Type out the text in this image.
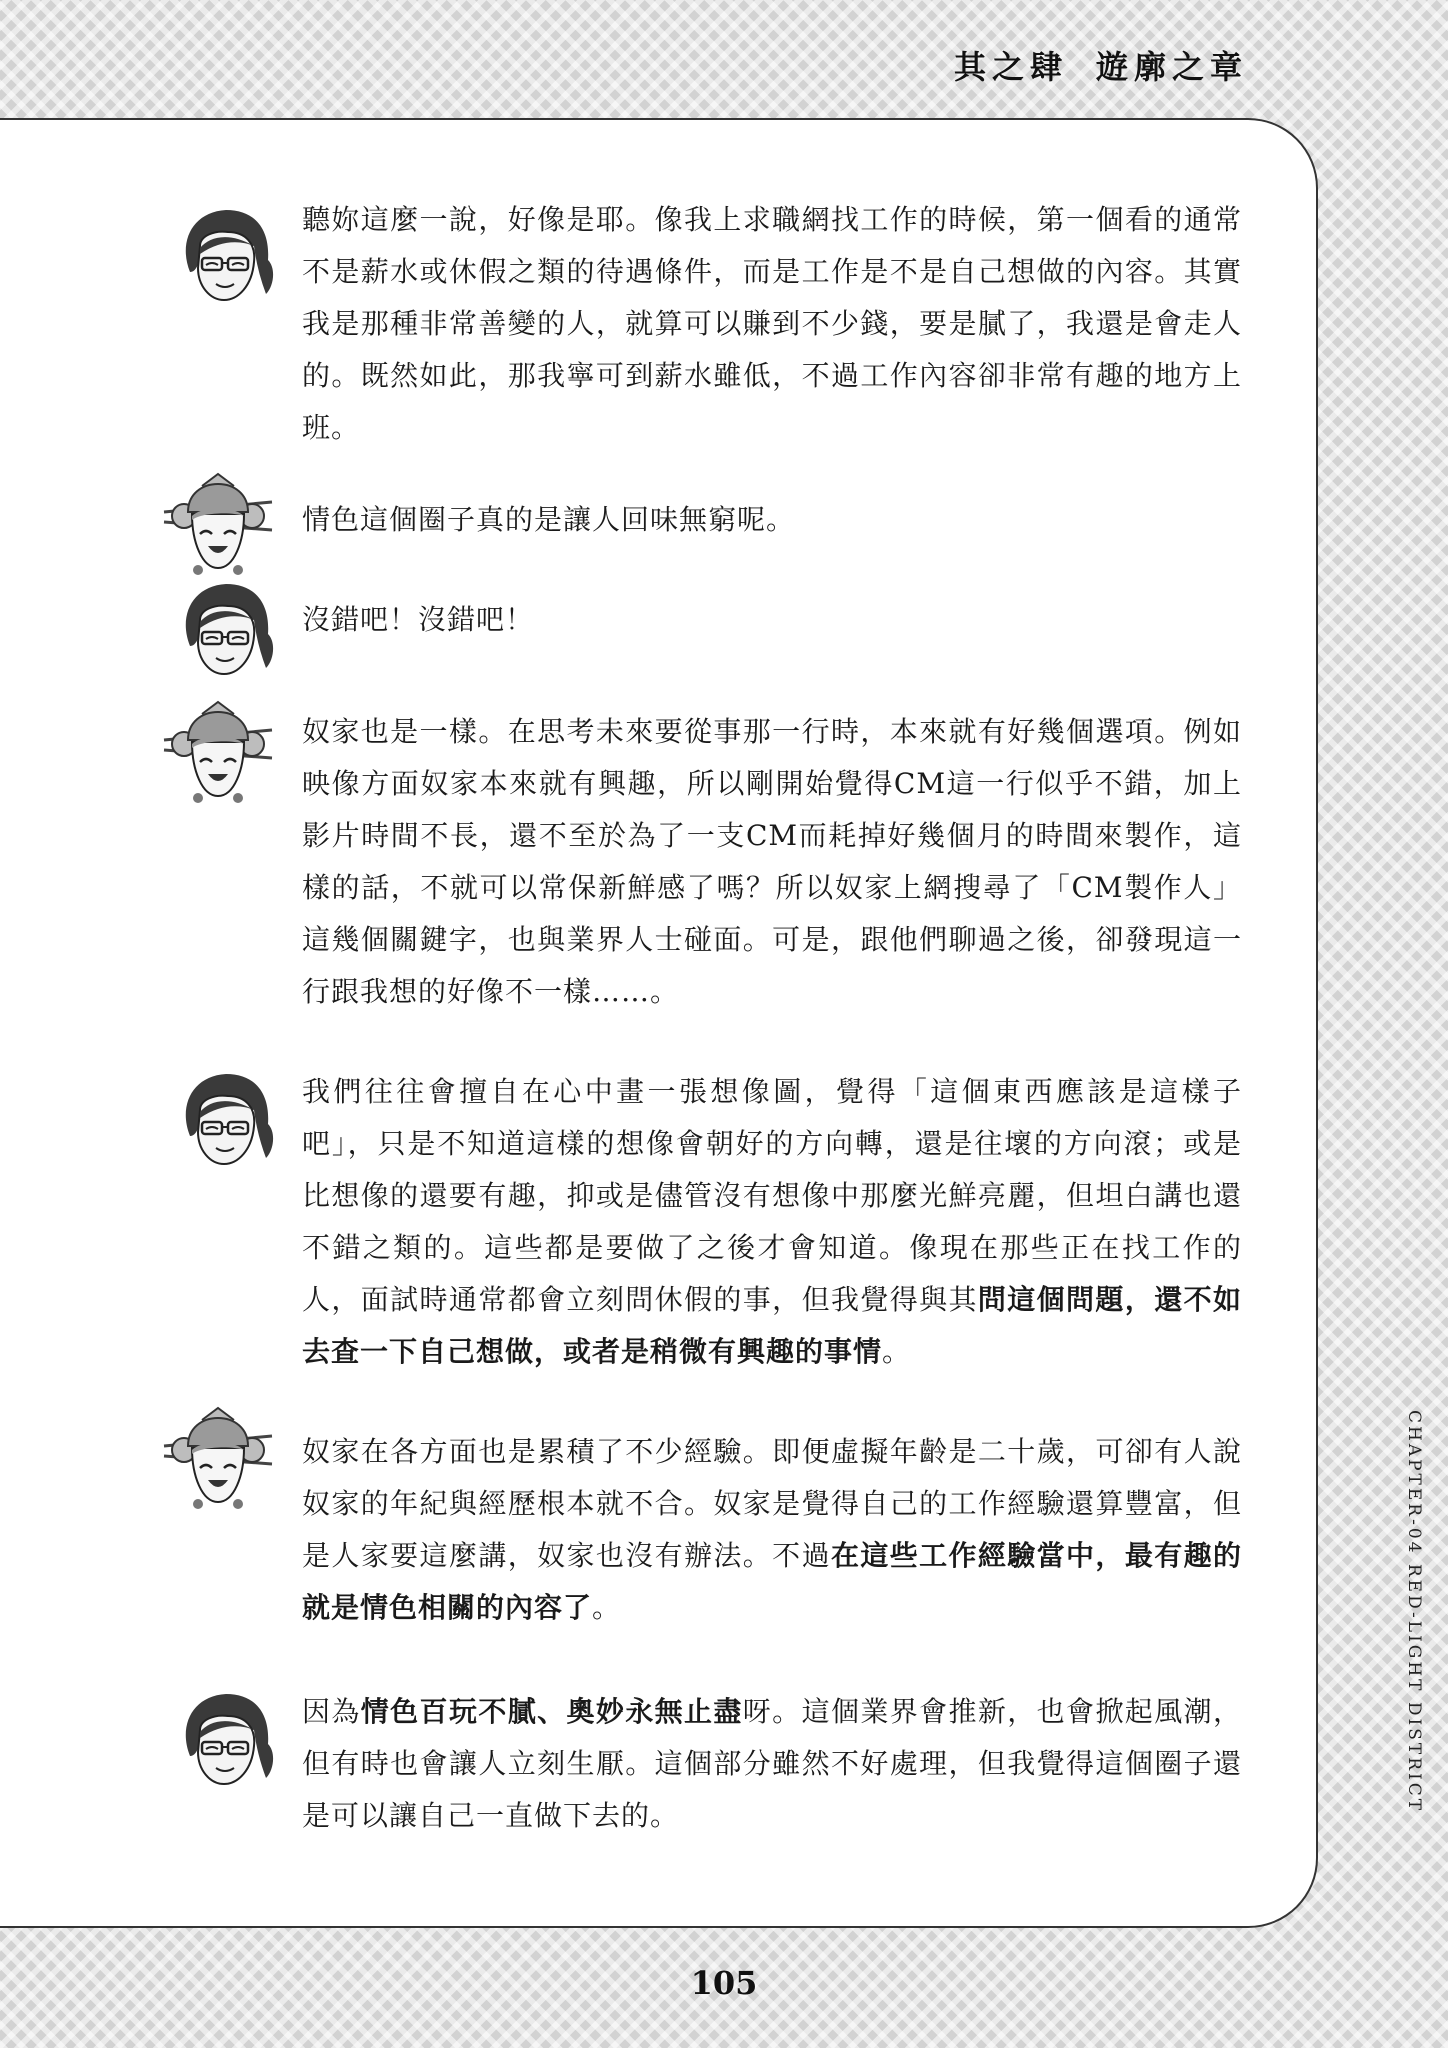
其之肆 遊廓之章

聽妳這麼一說，好像是耶。像我上求職網找工作的時候，第一個看的通常不是薪水或休假之類的待遇條件，而是工作是不是自己想做的內容。其實我是那種非常善變的人，就算可以賺到不少錢，要是膩了，我還是會走人的。既然如此，那我寧可到薪水雖低，不過工作內容卻非常有趣的地方上班。

情色這個圈子真的是讓人回味無窮呢。

沒錯吧！沒錯吧！

奴家也是一樣。在思考未來要從事那一行時，本來就有好幾個選項。例如映像方面奴家本來就有興趣，所以剛開始覺得CM這一行似乎不錯，加上影片時間不長，還不至於為了一支CM而耗掉好幾個月的時間來製作，這樣的話，不就可以常保新鮮感了嗎？所以奴家上網搜尋了「CM製作人」這幾個關鍵字，也與業界人士碰面。可是，跟他們聊過之後，卻發現這一行跟我想的好像不一樣……。

我們往往會擅自在心中畫一張想像圖，覺得「這個東西應該是這樣子吧」，只是不知道這樣的想像會朝好的方向轉，還是往壞的方向滾；或是比想像的還要有趣，抑或是儘管沒有想像中那麼光鮮亮麗，但坦白講也還不錯之類的。這些都是要做了之後才會知道。像現在那些正在找工作的人，面試時通常都會立刻問休假的事，但我覺得與其問這個問題，還不如去查一下自己想做，或者是稍微有興趣的事情。

奴家在各方面也是累積了不少經驗。即便虛擬年齡是二十歲，可卻有人說奴家的年紀與經歷根本就不合。奴家是覺得自己的工作經驗還算豐富，但是人家要這麼講，奴家也沒有辦法。不過在這些工作經驗當中，最有趣的就是情色相關的內容了。

因為情色百玩不膩、奧妙永無止盡呀。這個業界會推新，也會掀起風潮，但有時也會讓人立刻生厭。這個部分雖然不好處理，但我覺得這個圈子還是可以讓自己一直做下去的。

CHAPTER-04 RED-LIGHT DISTRICT
105
